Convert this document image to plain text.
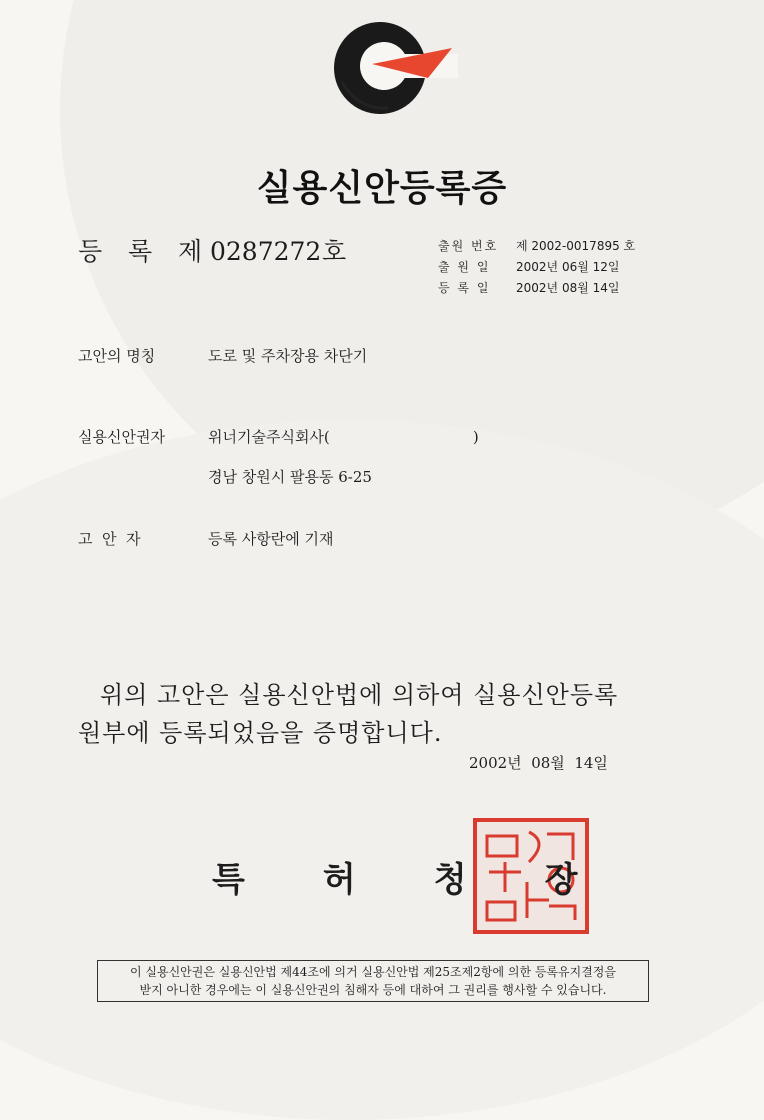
실용신안등록증
등 록 제 0287272호	출원 번호 제 2002-0017895 호
출 원 일 2002년 06월 12일
등 록 일 2002년 08월 14일
고안의 명칭	도로 및 주차장용 차단기
실용신안권자	위너기술주식회사(                              )
경남 창원시 팔용동 6-25
고  안  자	등록 사항란에 기재
위의 고안은 실용신안법에 의하여 실용신안등록
원부에 등록되었음을 증명합니다.
2002년  08월  14일
특 허 청 장
이 실용신안권은 실용신안법 제44조에 의거 실용신안법 제25조제2항에 의한 등록유지결정을
받지 아니한 경우에는 이 실용신안권의 침해자 등에 대하여 그 권리를 행사할 수 있습니다.
